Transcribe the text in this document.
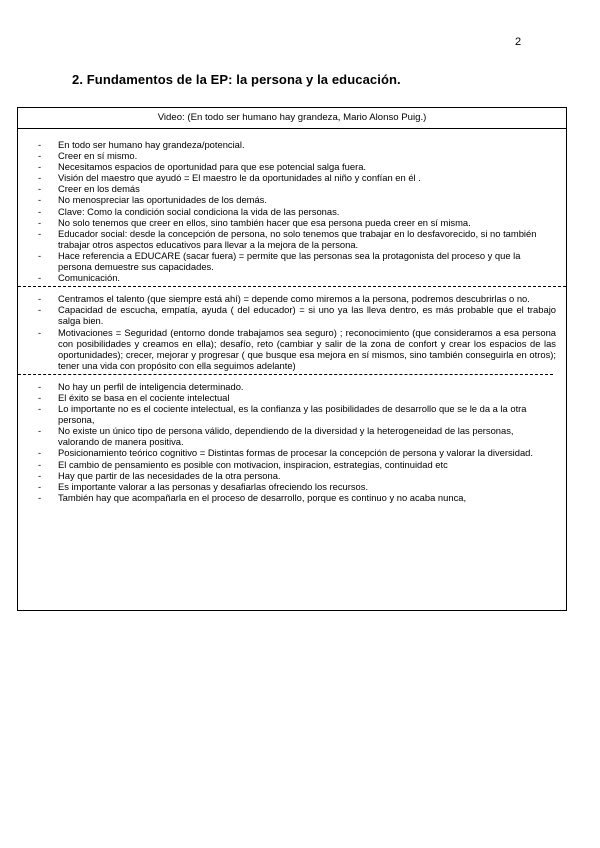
2
2. Fundamentos de la EP: la persona y la educación.
Video: (En todo ser humano hay grandeza, Mario Alonso Puig.)
- En todo ser humano hay grandeza/potencial.
- Creer en sí mismo.
- Necesitamos espacios de oportunidad para que ese potencial salga fuera.
- Visión del maestro que ayudó = El maestro le da oportunidades al niño y confían en él .
- Creer en los demás
- No menospreciar las oportunidades de los demás.
- Clave: Como la condición social condiciona la vida de las personas.
- No solo tenemos que creer en ellos, sino también hacer que esa persona pueda creer en sí misma.
- Educador social: desde la concepción de persona, no solo tenemos que trabajar en lo desfavorecido, si no también trabajar otros aspectos educativos para llevar a la mejora de la persona.
- Hace referencia a EDUCARE (sacar fuera) = permite que las personas sea la protagonista del proceso y que la persona demuestre sus capacidades.
- Comunicación.
- Centramos el talento (que siempre está ahí) = depende como miremos a la persona, podremos descubrirlas o no.
- Capacidad de escucha, empatía, ayuda ( del educador) = si uno ya las lleva dentro, es más probable que el trabajo salga bien.
- Motivaciones = Seguridad (entorno donde trabajamos sea seguro) ; reconocimiento (que consideramos a esa persona con posibilidades y creamos en ella); desafío, reto (cambiar y salir de la zona de confort y crear los espacios de las oportunidades); crecer, mejorar y progresar ( que busque esa mejora en sí mismos, sino también conseguirla en otros); tener una vida con propósito con ella seguimos adelante)
- No hay un perfil de inteligencia determinado.
- El éxito se basa en el cociente intelectual
- Lo importante no es el cociente intelectual, es la confianza y las posibilidades de desarrollo que se le da a la otra persona,
- No existe un único tipo de persona válido, dependiendo de la diversidad y la heterogeneidad de las personas, valorando de manera positiva.
- Posicionamiento teórico cognitivo = Distintas formas de procesar la concepción de persona y valorar la diversidad.
- El cambio de pensamiento es posible con motivacion, inspiracion, estrategias, continuidad etc
- Hay que partir de las necesidades de la otra persona.
- Es importante valorar a las personas y desafiarlas ofreciendo los recursos.
- También hay que acompañarla en el proceso de desarrollo, porque es continuo y no acaba nunca,
